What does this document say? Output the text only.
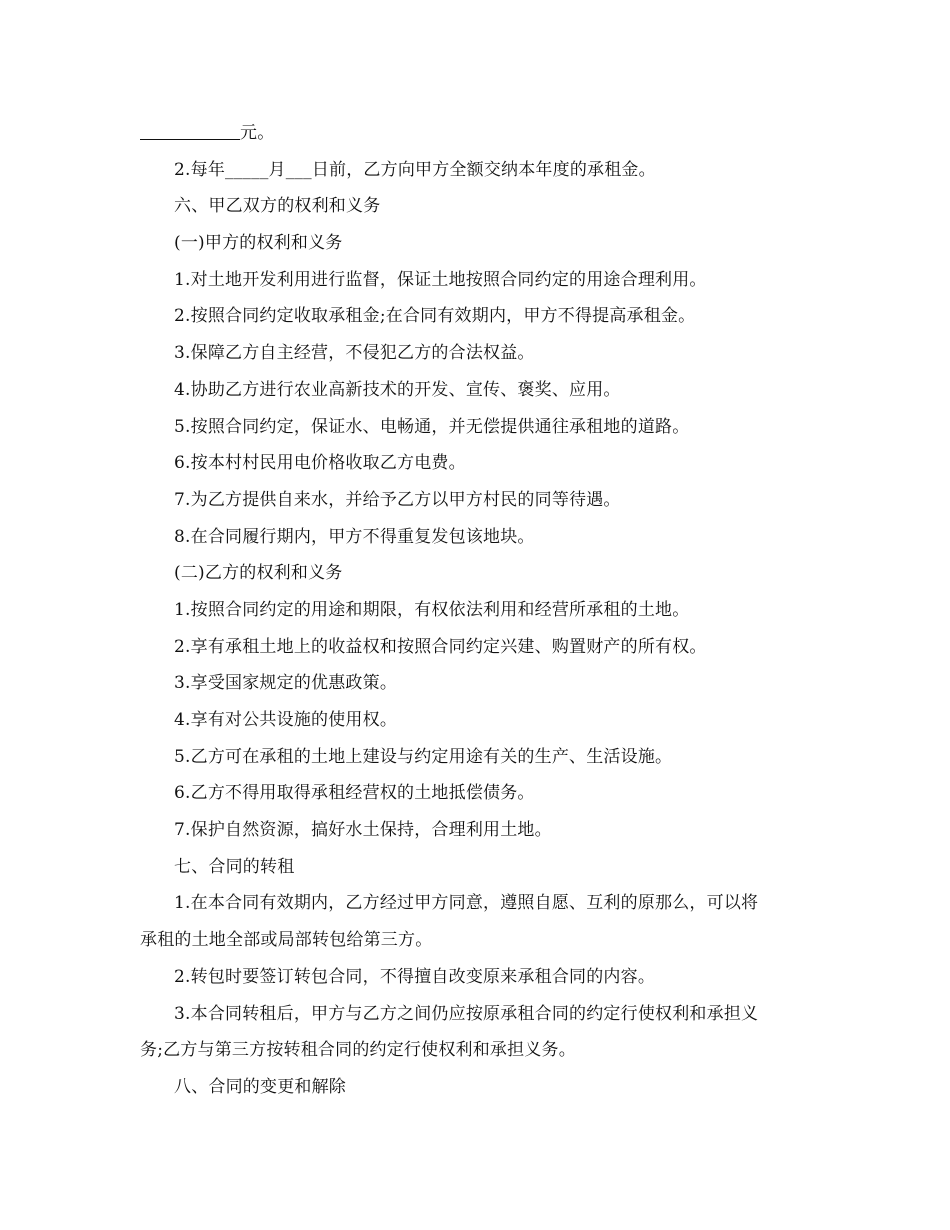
元。
2.每年_____月___日前，乙方向甲方全额交纳本年度的承租金。
六、甲乙双方的权利和义务
(一)甲方的权利和义务
1.对土地开发利用进行监督，保证土地按照合同约定的用途合理利用。
2.按照合同约定收取承租金;在合同有效期内，甲方不得提高承租金。
3.保障乙方自主经营，不侵犯乙方的合法权益。
4.协助乙方进行农业高新技术的开发、宣传、褒奖、应用。
5.按照合同约定，保证水、电畅通，并无偿提供通往承租地的道路。
6.按本村村民用电价格收取乙方电费。
7.为乙方提供自来水，并给予乙方以甲方村民的同等待遇。
8.在合同履行期内，甲方不得重复发包该地块。
(二)乙方的权利和义务
1.按照合同约定的用途和期限，有权依法利用和经营所承租的土地。
2.享有承租土地上的收益权和按照合同约定兴建、购置财产的所有权。
3.享受国家规定的优惠政策。
4.享有对公共设施的使用权。
5.乙方可在承租的土地上建设与约定用途有关的生产、生活设施。
6.乙方不得用取得承租经营权的土地抵偿债务。
7.保护自然资源，搞好水土保持，合理利用土地。
七、合同的转租
1.在本合同有效期内，乙方经过甲方同意，遵照自愿、互利的原那么，可以将
承租的土地全部或局部转包给第三方。
2.转包时要签订转包合同，不得擅自改变原来承租合同的内容。
3.本合同转租后，甲方与乙方之间仍应按原承租合同的约定行使权利和承担义
务;乙方与第三方按转租合同的约定行使权利和承担义务。
八、合同的变更和解除
